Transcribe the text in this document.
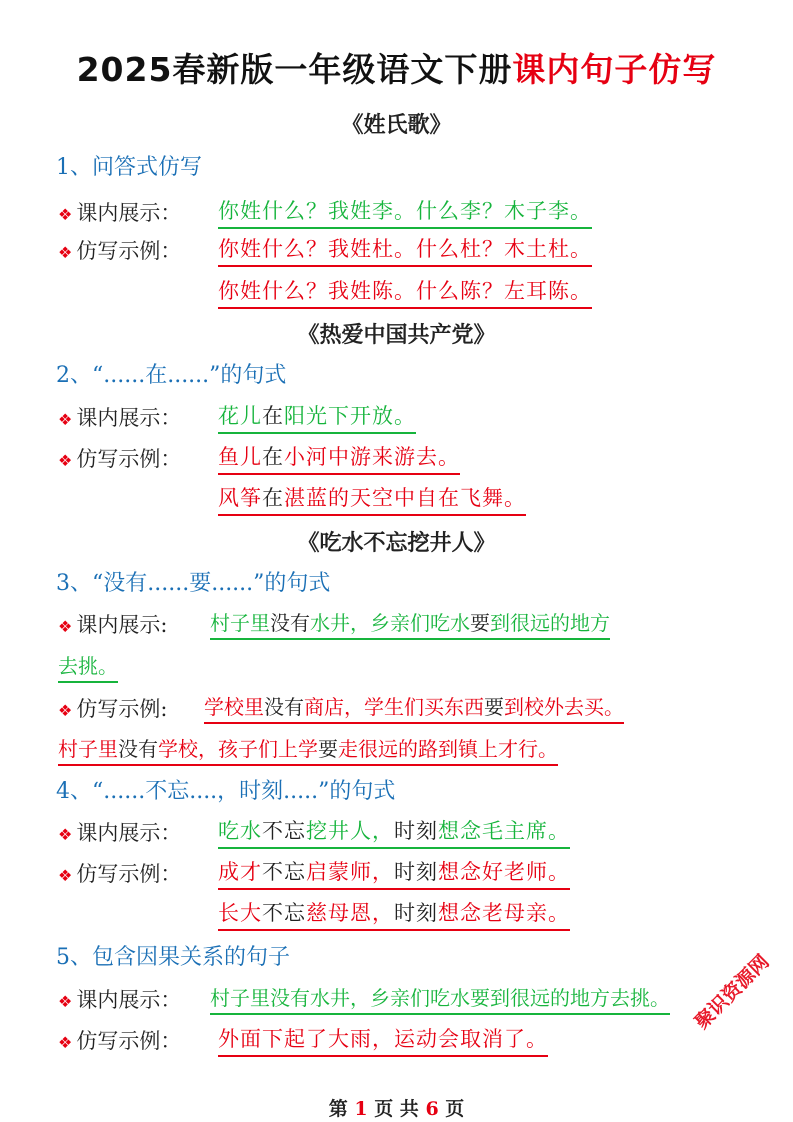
2025春新版一年级语文下册课内句子仿写
《姓氏歌》
1、问答式仿写
❖ 课内展示： 你姓什么？我姓李。什么李？木子李。
❖ 仿写示例： 你姓什么？我姓杜。什么杜？木土杜。
你姓什么？我姓陈。什么陈？左耳陈。
《热爱中国共产党》
2、“......在......”的句式
❖ 课内展示： 花儿在阳光下开放。
❖ 仿写示例： 鱼儿在小河中游来游去。
风筝在湛蓝的天空中自在飞舞。
《吃水不忘挖井人》
3、“没有......要......”的句式
❖ 课内展示: 村子里没有水井，乡亲们吃水要到很远的地方
去挑。
❖ 仿写示例: 学校里没有商店，学生们买东西要到校外去买。
村子里没有学校，孩子们上学要走很远的路到镇上才行。
4、“......不忘....，时刻.....”的句式
❖ 课内展示： 吃水不忘挖井人，时刻想念毛主席。
❖ 仿写示例： 成才不忘启蒙师，时刻想念好老师。
长大不忘慈母恩，时刻想念老母亲。
5、包含因果关系的句子
❖ 课内展示： 村子里没有水井，乡亲们吃水要到很远的地方去挑。
❖ 仿写示例： 外面下起了大雨，运动会取消了。
聚识资源网
第 1 页 共 6 页
